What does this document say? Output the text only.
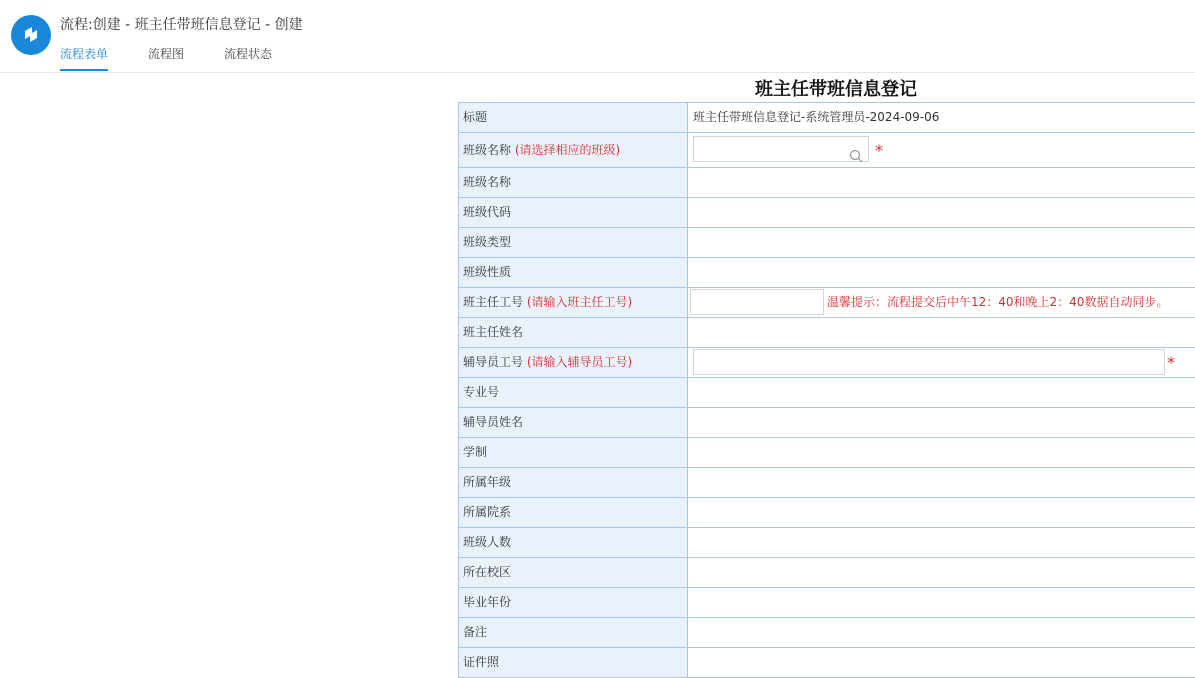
流程:创建 - 班主任带班信息登记 - 创建
流程表单	流程图	流程状态
班主任带班信息登记
标题	班主任带班信息登记-系统管理员-2024-09-06
班级名称 (请选择相应的班级)	*
班级名称
班级代码
班级类型
班级性质
班主任工号 (请输入班主任工号)	温馨提示：流程提交后中午12：40和晚上2：40数据自动同步。
班主任姓名
辅导员工号 (请输入辅导员工号)	*
专业号
辅导员姓名
学制
所属年级
所属院系
班级人数
所在校区
毕业年份
备注
证件照
